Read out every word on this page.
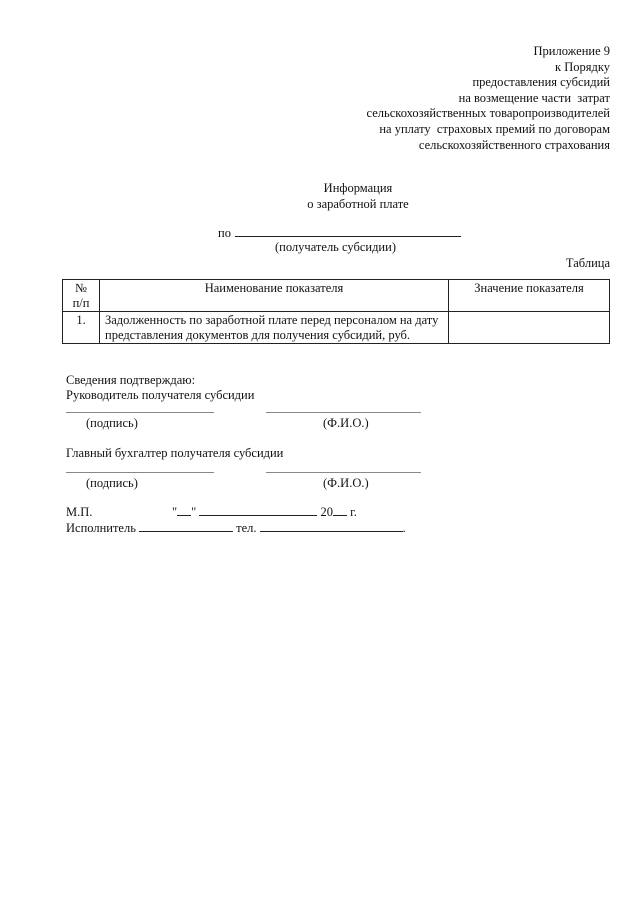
Приложение 9
к Порядку
предоставления субсидий
на возмещение части  затрат
сельскохозяйственных товаропроизводителей
на уплату  страховых премий по договорам
сельскохозяйственного страхования
Информация
о заработной плате
по
(получатель субсидии)
Таблица
№
п/п	Наименование показателя	Значение показателя
1.	Задолженность по заработной плате перед персоналом на дату представления документов для получения субсидий, руб.	
Сведения подтверждаю:
Руководитель получателя субсидии
(подпись)	(Ф.И.О.)
Главный бухгалтер получателя субсидии
(подпись)	(Ф.И.О.)
М.П.	" "	20 г.
Исполнитель	тел.	.
